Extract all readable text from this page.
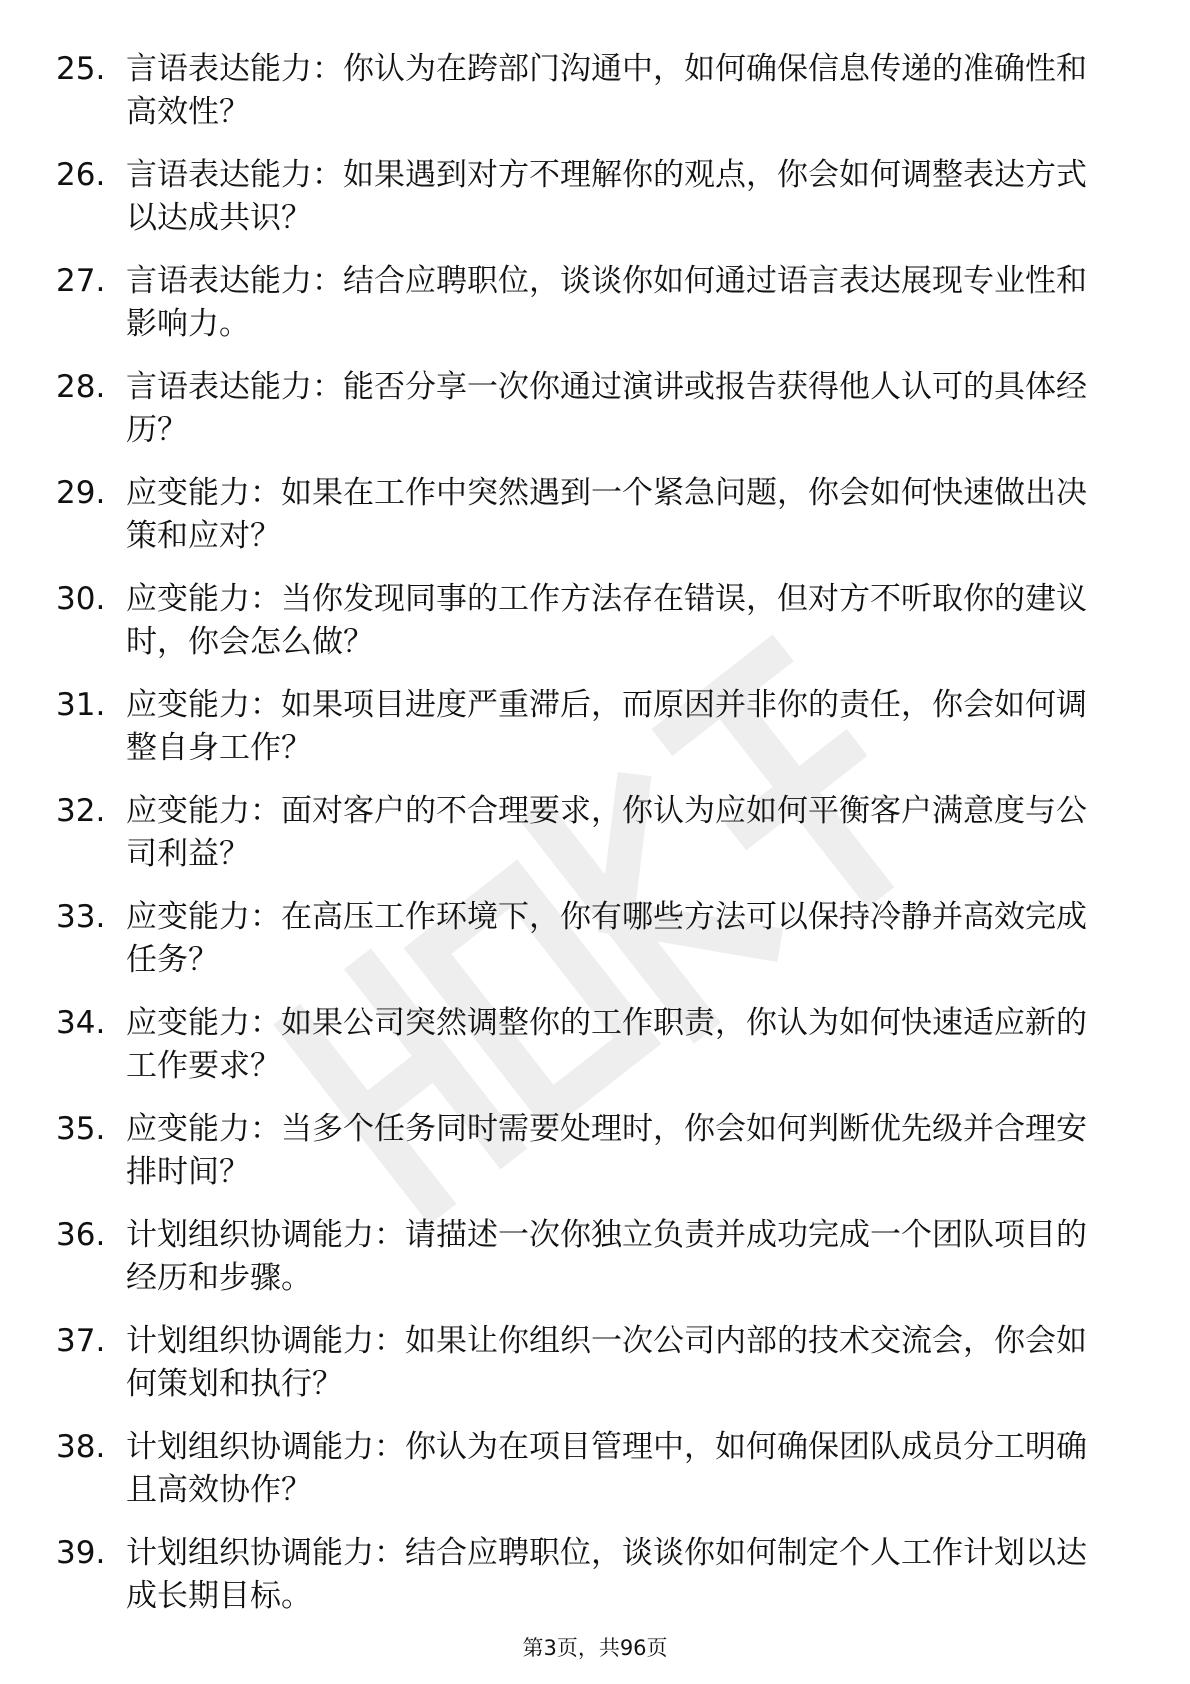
25. 言语表达能力：你认为在跨部门沟通中，如何确保信息传递的准确性和高效性？
26. 言语表达能力：如果遇到对方不理解你的观点，你会如何调整表达方式以达成共识？
27. 言语表达能力：结合应聘职位，谈谈你如何通过语言表达展现专业性和影响力。
28. 言语表达能力：能否分享一次你通过演讲或报告获得他人认可的具体经历？
29. 应变能力：如果在工作中突然遇到一个紧急问题，你会如何快速做出决策和应对？
30. 应变能力：当你发现同事的工作方法存在错误，但对方不听取你的建议时，你会怎么做？
31. 应变能力：如果项目进度严重滞后，而原因并非你的责任，你会如何调整自身工作？
32. 应变能力：面对客户的不合理要求，你认为应如何平衡客户满意度与公司利益？
33. 应变能力：在高压工作环境下，你有哪些方法可以保持冷静并高效完成任务？
34. 应变能力：如果公司突然调整你的工作职责，你认为如何快速适应新的工作要求？
35. 应变能力：当多个任务同时需要处理时，你会如何判断优先级并合理安排时间？
36. 计划组织协调能力：请描述一次你独立负责并成功完成一个团队项目的经历和步骤。
37. 计划组织协调能力：如果让你组织一次公司内部的技术交流会，你会如何策划和执行？
38. 计划组织协调能力：你认为在项目管理中，如何确保团队成员分工明确且高效协作？
39. 计划组织协调能力：结合应聘职位，谈谈你如何制定个人工作计划以达成长期目标。
第3页，共96页
